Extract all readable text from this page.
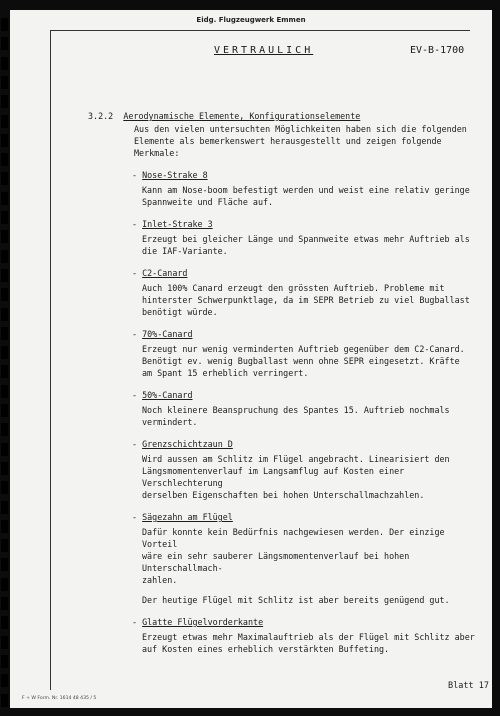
Eidg. Flugzeugwerk Emmen
VERTRAULICH	EV-B-1700
3.2.2 Aerodynamische Elemente, Konfigurationselemente
Aus den vielen untersuchten Möglichkeiten haben sich die folgenden
Elemente als bemerkenswert herausgestellt und zeigen folgende Merkmale:
- Nose-Strake 8
Kann am Nose-boom befestigt werden und weist eine relativ geringe
Spannweite und Fläche auf.
- Inlet-Strake 3
Erzeugt bei gleicher Länge und Spannweite etwas mehr Auftrieb als
die IAF-Variante.
- C2-Canard
Auch 100% Canard erzeugt den grössten Auftrieb. Probleme mit
hinterster Schwerpunktlage, da im SEPR Betrieb zu viel Bugballast
benötigt würde.
- 70%-Canard
Erzeugt nur wenig verminderten Auftrieb gegenüber dem C2-Canard.
Benötigt ev. wenig Bugballast wenn ohne SEPR eingesetzt. Kräfte
am Spant 15 erheblich verringert.
- 50%-Canard
Noch kleinere Beanspruchung des Spantes 15. Auftrieb nochmals
vermindert.
- Grenzschichtzaun D
Wird aussen am Schlitz im Flügel angebracht. Linearisiert den
Längsmomentenverlauf im Langsamflug auf Kosten einer Verschlechterung
derselben Eigenschaften bei hohen Unterschallmachzahlen.
- Sägezahn am Flügel
Dafür konnte kein Bedürfnis nachgewiesen werden. Der einzige Vorteil
wäre ein sehr sauberer Längsmomentenverlauf bei hohen Unterschallmach-
zahlen.
Der heutige Flügel mit Schlitz ist aber bereits genügend gut.
- Glatte Flügelvorderkante
Erzeugt etwas mehr Maximalauftrieb als der Flügel mit Schlitz aber
auf Kosten eines erheblich verstärkten Buffeting.
Blatt 17
F + W Form. Nr. 1614 48 435 / 5
